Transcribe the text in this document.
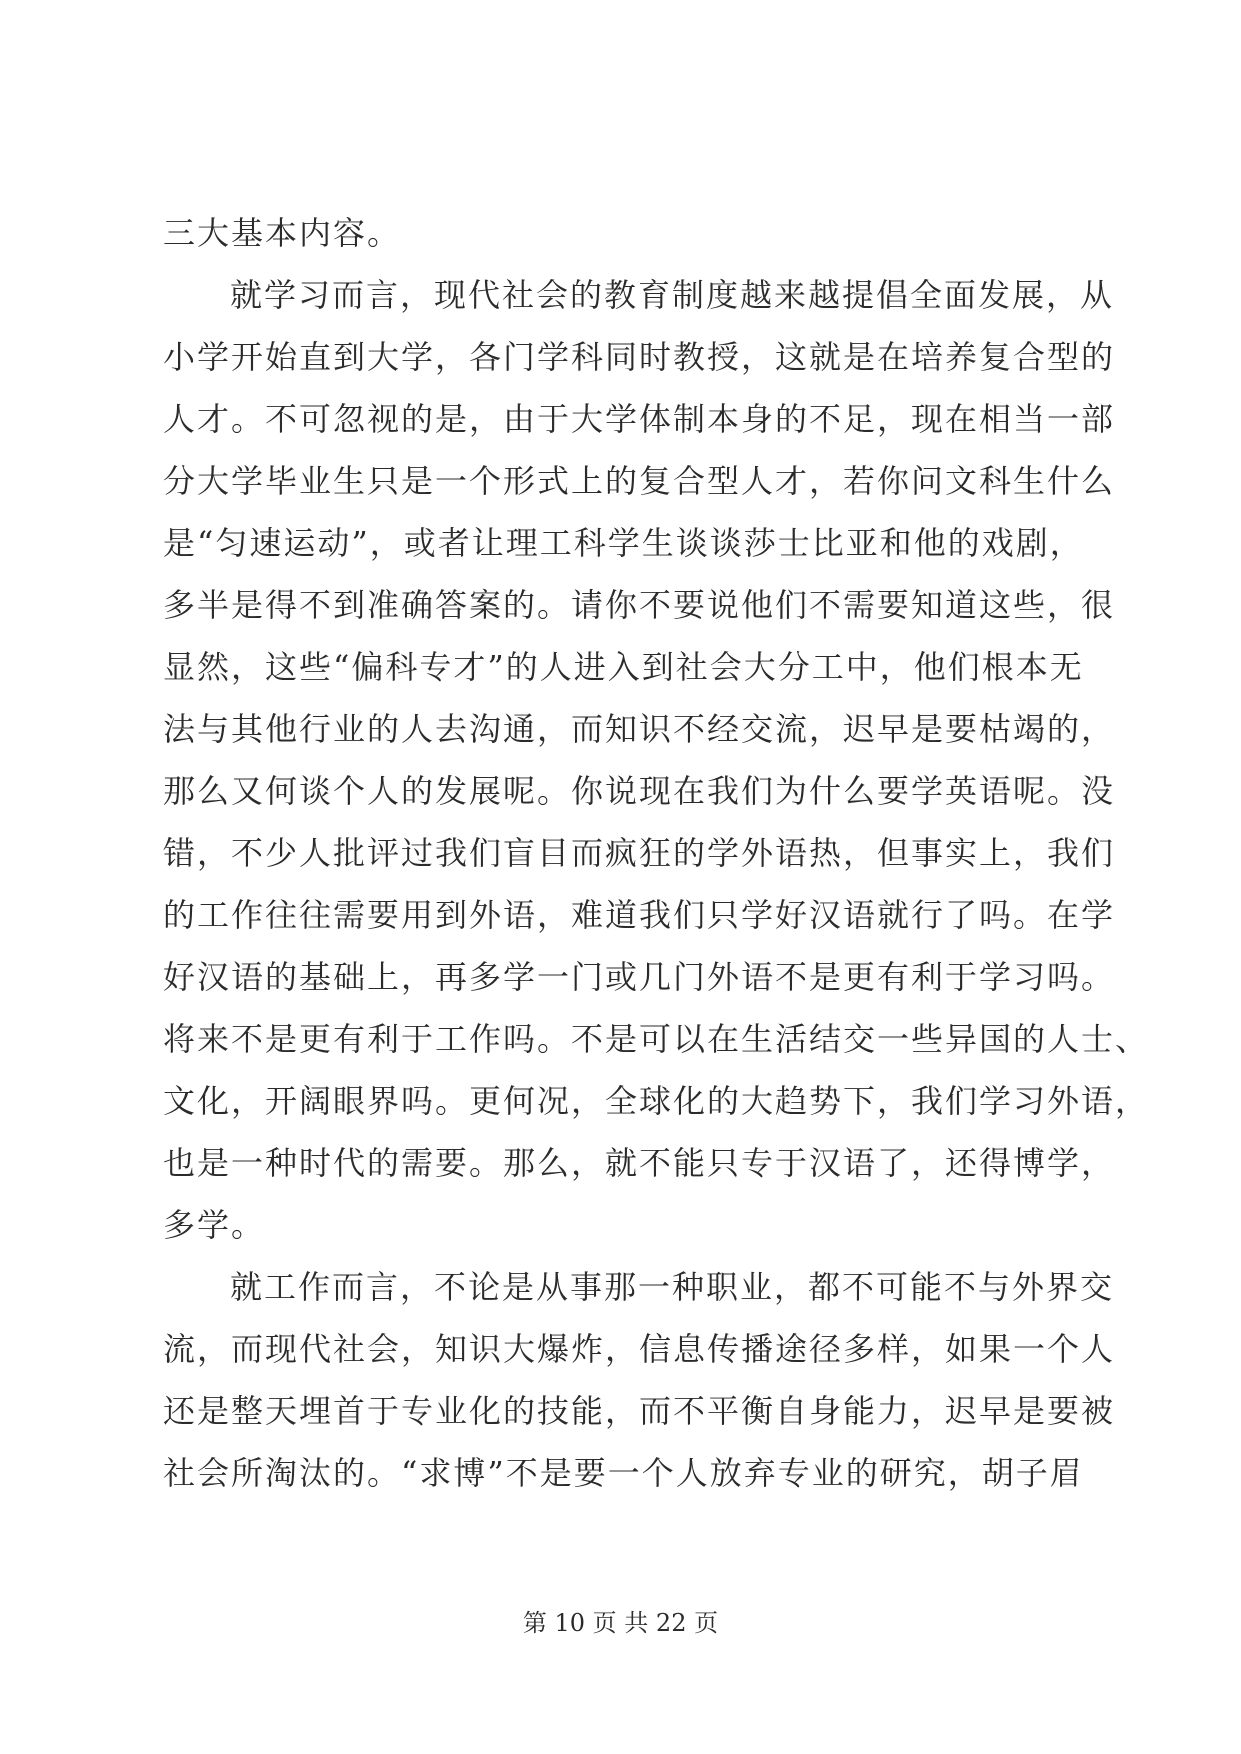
三大基本内容。
就学习而言，现代社会的教育制度越来越提倡全面发展，从
小学开始直到大学，各门学科同时教授，这就是在培养复合型的
人才。不可忽视的是，由于大学体制本身的不足，现在相当一部
分大学毕业生只是一个形式上的复合型人才，若你问文科生什么
是“匀速运动”，或者让理工科学生谈谈莎士比亚和他的戏剧，
多半是得不到准确答案的。请你不要说他们不需要知道这些，很
显然，这些“偏科专才”的人进入到社会大分工中，他们根本无
法与其他行业的人去沟通，而知识不经交流，迟早是要枯竭的，
那么又何谈个人的发展呢。你说现在我们为什么要学英语呢。没
错，不少人批评过我们盲目而疯狂的学外语热，但事实上，我们
的工作往往需要用到外语，难道我们只学好汉语就行了吗。在学
好汉语的基础上，再多学一门或几门外语不是更有利于学习吗。
将来不是更有利于工作吗。不是可以在生活结交一些异国的人士、
文化，开阔眼界吗。更何况，全球化的大趋势下，我们学习外语，
也是一种时代的需要。那么，就不能只专于汉语了，还得博学，
多学。
就工作而言，不论是从事那一种职业，都不可能不与外界交
流，而现代社会，知识大爆炸，信息传播途径多样，如果一个人
还是整天埋首于专业化的技能，而不平衡自身能力，迟早是要被
社会所淘汰的。“求博”不是要一个人放弃专业的研究，胡子眉
第 10 页 共 22 页
